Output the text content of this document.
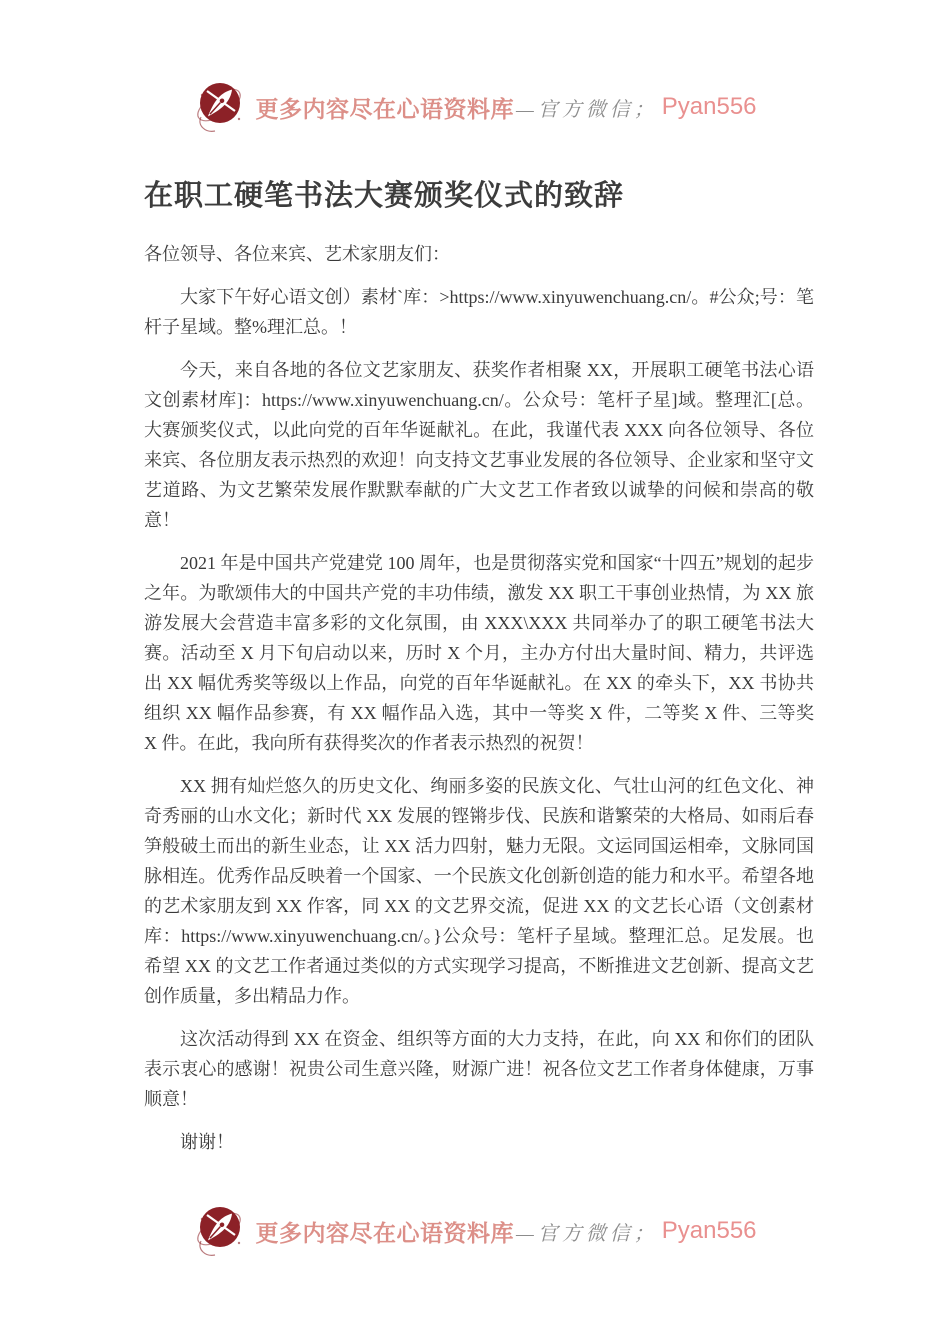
更多内容尽在心语资料库 —官方微信； Pyan556
在职工硬笔书法大赛颁奖仪式的致辞

各位领导、各位来宾、艺术家朋友们：

大家下午好心语文创）素材`库：>https://www.xinyuwenchuang.cn/。#公众;号：笔杆子星域。整%理汇总。！

今天，来自各地的各位文艺家朋友、获奖作者相聚 XX，开展职工硬笔书法心语文创素材库]：https://www.xinyuwenchuang.cn/。公众号：笔杆子星]域。整理汇[总。大赛颁奖仪式，以此向党的百年华诞献礼。在此，我谨代表 XXX 向各位领导、各位来宾、各位朋友表示热烈的欢迎！向支持文艺事业发展的各位领导、企业家和坚守文艺道路、为文艺繁荣发展作默默奉献的广大文艺工作者致以诚挚的问候和崇高的敬意！

2021 年是中国共产党建党 100 周年，也是贯彻落实党和国家“十四五”规划的起步之年。为歌颂伟大的中国共产党的丰功伟绩，激发 XX 职工干事创业热情，为 XX 旅游发展大会营造丰富多彩的文化氛围，由 XXX\XXX 共同举办了的职工硬笔书法大赛。活动至 X 月下旬启动以来，历时 X 个月，主办方付出大量时间、精力，共评选出 XX 幅优秀奖等级以上作品，向党的百年华诞献礼。在 XX 的牵头下，XX 书协共组织 XX 幅作品参赛，有 XX 幅作品入选，其中一等奖 X 件，二等奖 X 件、三等奖 X 件。在此，我向所有获得奖次的作者表示热烈的祝贺！

XX 拥有灿烂悠久的历史文化、绚丽多姿的民族文化、气壮山河的红色文化、神奇秀丽的山水文化；新时代 XX 发展的铿锵步伐、民族和谐繁荣的大格局、如雨后春笋般破土而出的新生业态，让 XX 活力四射，魅力无限。文运同国运相牵，文脉同国脉相连。优秀作品反映着一个国家、一个民族文化创新创造的能力和水平。希望各地的艺术家朋友到 XX 作客，同 XX 的文艺界交流，促进 XX 的文艺长心语（文创素材库：https://www.xinyuwenchuang.cn/。}公众号：笔杆子星域。整理汇总。足发展。也希望 XX 的文艺工作者通过类似的方式实现学习提高，不断推进文艺创新、提高文艺创作质量，多出精品力作。

这次活动得到 XX 在资金、组织等方面的大力支持，在此，向 XX 和你们的团队表示衷心的感谢！祝贵公司生意兴隆，财源广进！祝各位文艺工作者身体健康，万事顺意！

谢谢！

更多内容尽在心语资料库 —官方微信； Pyan556
